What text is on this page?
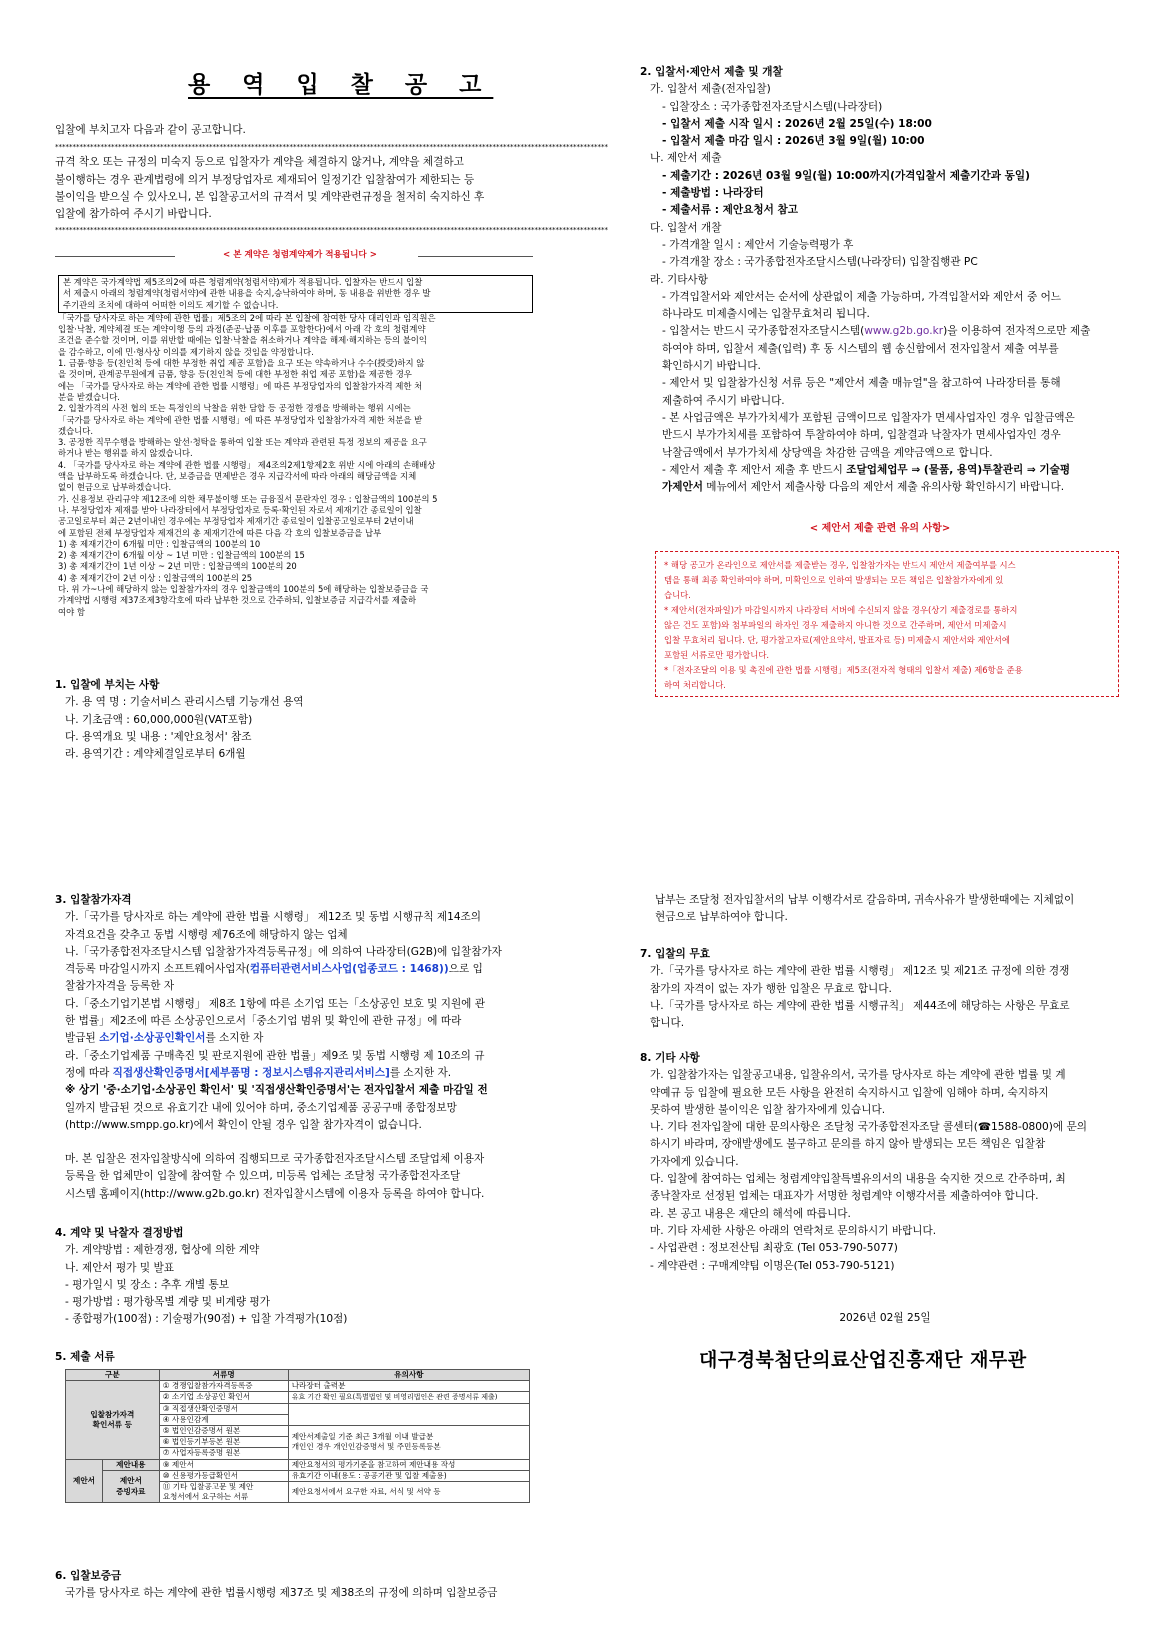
용 역 입 찰 공 고
입찰에 부치고자 다음과 같이 공고합니다.
**************************************************************************************************************************************************************
규격 착오 또는 규정의 미숙지 등으로 입찰자가 계약을 체결하지 않거나, 계약을 체결하고
불이행하는 경우 관계법령에 의거 부정당업자로 제재되어 일정기간 입찰참여가 제한되는 등
불이익을 받으실 수 있사오니, 본 입찰공고서의 규격서 및 계약관련규정을 철저히 숙지하신 후
입찰에 참가하여 주시기 바랍니다.
**************************************************************************************************************************************************************
< 본 계약은 청렴계약제가 적용됩니다 >
본 계약은 국가계약법 제5조의2에 따른 청렴계약(청렴서약)제가 적용됩니다. 입찰자는 반드시 입찰
서 제출시 아래의 청렴계약(청렴서약)에 관한 내용을 숙지,승낙하여야 하며, 동 내용을 위반한 경우 발
주기관의 조치에 대하여 어떠한 이의도 제기할 수 없습니다.
「국가를 당사자로 하는 계약에 관한 법률」제5조의 2에 따라 본 입찰에 참여한 당사 대리인과 임직원은
입찰·낙찰, 계약체결 또는 계약이행 등의 과정(준공·납품 이후를 포함한다)에서 아래 각 호의 청렴계약
조건을 준수할 것이며, 이를 위반할 때에는 입찰·낙찰을 취소하거나 계약을 해제·해지하는 등의 불이익
을 감수하고, 이에 민·형사상 이의를 제기하지 않을 것임을 약정합니다.
1. 금품·향응 등(친인척 등에 대한 부정한 취업 제공 포함)을 요구 또는 약속하거나 수수(授受)하지 않
을 것이며, 관계공무원에게 금품, 향응 등(친인척 등에 대한 부정한 취업 제공 포함)을 제공한 경우
에는 「국가를 당사자로 하는 계약에 관한 법률 시행령」에 따른 부정당업자의 입찰참가자격 제한 처
분을 받겠습니다.
2. 입찰가격의 사전 협의 또는 특정인의 낙찰을 위한 담합 등 공정한 경쟁을 방해하는 행위 시에는
「국가를 당사자로 하는 계약에 관한 법률 시행령」에 따른 부정당업자 입찰참가자격 제한 처분을 받
겠습니다.
3. 공정한 직무수행을 방해하는 알선·청탁을 통하여 입찰 또는 계약과 관련된 특정 정보의 제공을 요구
하거나 받는 행위를 하지 않겠습니다.
4. 「국가를 당사자로 하는 계약에 관한 법률 시행령」 제4조의2제1항제2호 위반 시에 아래의 손해배상
액을 납부하도록 하겠습니다. 단, 보증금을 면제받은 경우 지급각서에 따라 아래의 해당금액을 지체
없이 현금으로 납부하겠습니다.
가. 신용정보 관리규약 제12조에 의한 채무불이행 또는 금융질서 문란자인 경우 : 입찰금액의 100분의 5
나. 부정당업자 제재를 받아 나라장터에서 부정당업자로 등록·확인된 자로서 제재기간 종료일이 입찰
공고일로부터 최근 2년이내인 경우에는 부정당업자 제재기간 종료일이 입찰공고일로부터 2년이내
에 포함된 전체 부정당업자 제재건의 총 제재기간에 따른 다음 각 호의 입찰보증금을 납부
1) 총 제재기간이 6개월 미만 : 입찰금액의 100분의 10
2) 총 제재기간이 6개월 이상 ~ 1년 미만 : 입찰금액의 100분의 15
3) 총 제재기간이 1년 이상 ~ 2년 미만 : 입찰금액의 100분의 20
4) 총 제재기간이 2년 이상 : 입찰금액의 100분의 25
다. 위 가~나에 해당하지 않는 입찰참가자의 경우 입찰금액의 100분의 5에 해당하는 입찰보증금을 국
가계약법 시행령 제37조제3항각호에 따라 납부한 것으로 간주하되, 입찰보증금 지급각서를 제출하
여야 함
1. 입찰에 부치는 사항
가. 용 역 명 : 기술서비스 관리시스템 기능개선 용역
나. 기초금액 : 60,000,000원(VAT포함)
다. 용역개요 및 내용 : '제안요청서' 참조
라. 용역기간 : 계약체결일로부터 6개월
2. 입찰서·제안서 제출 및 개찰
가. 입찰서 제출(전자입찰)
- 입찰장소 : 국가종합전자조달시스템(나라장터)
- 입찰서 제출 시작 일시 : 2026년 2월 25일(수) 18:00
- 입찰서 제출 마감 일시 : 2026년 3월 9일(월) 10:00
나. 제안서 제출
- 제출기간 : 2026년 03월 9일(월) 10:00까지(가격입찰서 제출기간과 동일)
- 제출방법 : 나라장터
- 제출서류 : 제안요청서 참고
다. 입찰서 개찰
- 가격개찰 일시 : 제안서 기술능력평가 후
- 가격개찰 장소 : 국가종합전자조달시스템(나라장터) 입찰집행관 PC
라. 기타사항
- 가격입찰서와 제안서는 순서에 상관없이 제출 가능하며, 가격입찰서와 제안서 중 어느
하나라도 미제출시에는 입찰무효처리 됩니다.
- 입찰서는 반드시 국가종합전자조달시스템(www.g2b.go.kr)을 이용하여 전자적으로만 제출
하여야 하며, 입찰서 제출(입력) 후 동 시스템의 웹 송신함에서 전자입찰서 제출 여부를
확인하시기 바랍니다.
- 제안서 및 입찰참가신청 서류 등은 "제안서 제출 매뉴얼"을 참고하여 나라장터를 통해
제출하여 주시기 바랍니다.
- 본 사업금액은 부가가치세가 포함된 금액이므로 입찰자가 면세사업자인 경우 입찰금액은
반드시 부가가치세를 포함하여 투찰하여야 하며, 입찰결과 낙찰자가 면세사업자인 경우
낙찰금액에서 부가가치세 상당액을 차감한 금액을 계약금액으로 합니다.
- 제안서 제출 후 제안서 제출 후 반드시 조달업체업무 ⇒ (물품, 용역)투찰관리 ⇒ 기술평
가제안서 메뉴에서 제안서 제출사항 다음의 제안서 제출 유의사항 확인하시기 바랍니다.
< 제안서 제출 관련 유의 사항>
* 해당 공고가 온라인으로 제안서를 제출받는 경우, 입찰참가자는 반드시 제안서 제출여부를 시스
템을 통해 최종 확인하여야 하며, 미확인으로 인하여 발생되는 모든 책임은 입찰참가자에게 있
습니다.
* 제안서(전자파일)가 마감일시까지 나라장터 서버에 수신되지 않을 경우(상기 제출경로를 통하지
않은 건도 포함)와 첨부파일의 하자인 경우 제출하지 아니한 것으로 간주하며, 제안서 미제출시
입찰 무효처리 됩니다. 단, 평가참고자료(제안요약서, 발표자료 등) 미제출시 제안서와 제안서에
포함된 서류로만 평가합니다.
*「전자조달의 이용 및 촉진에 관한 법률 시행령」제5조(전자적 형태의 입찰서 제출) 제6항을 준용
하여 처리합니다.
3. 입찰참가자격
가.「국가를 당사자로 하는 계약에 관한 법률 시행령」 제12조 및 동법 시행규칙 제14조의
자격요건을 갖추고 동법 시행령 제76조에 해당하지 않는 업체
나.「국가종합전자조달시스템 입찰참가자격등록규정」에 의하여 나라장터(G2B)에 입찰참가자
격등록 마감일시까지 소프트웨어사업자(컴퓨터관련서비스사업(업종코드 : 1468))으로 입
찰참가자격을 등록한 자
다.「중소기업기본법 시행령」 제8조 1항에 따른 소기업 또는「소상공인 보호 및 지원에 관
한 법률」제2조에 따른 소상공인으로서「중소기업 범위 및 확인에 관한 규정」에 따라
발급된 소기업·소상공인확인서를 소지한 자
라.「중소기업제품 구매촉진 및 판로지원에 관한 법률」제9조 및 동법 시행령 제 10조의 규
정에 따라 직접생산확인증명서[세부품명 : 정보시스템유지관리서비스]를 소지한 자.
※ 상기 '중·소기업·소상공인 확인서' 및 '직접생산확인증명서'는 전자입찰서 제출 마감일 전
일까지 발급된 것으로 유효기간 내에 있어야 하며, 중소기업제품 공공구매 종합정보망
(http://www.smpp.go.kr)에서 확인이 안될 경우 입찰 참가자격이 없습니다.
마. 본 입찰은 전자입찰방식에 의하여 집행되므로 국가종합전자조달시스템 조달업체 이용자
등록을 한 업체만이 입찰에 참여할 수 있으며, 미등록 업체는 조달청 국가종합전자조달
시스템 홈페이지(http://www.g2b.go.kr) 전자입찰시스템에 이용자 등록을 하여야 합니다.
4. 계약 및 낙찰자 결정방법
가. 계약방법 : 제한경쟁, 협상에 의한 계약
나. 제안서 평가 및 발표
- 평가일시 및 장소 : 추후 개별 통보
- 평가방법 : 평가항목별 계량 및 비계량 평가
- 종합평가(100점) : 기술평가(90점) + 입찰 가격평가(10점)
5. 제출 서류
구분		서류명	유의사항
입찰참가자격
확인서류 등		① 경쟁입찰참가자격등록증	나라장터 출력분
		② 소기업 소상공인 확인서	유효 기간 확인 필요(특별법인 및 비영리법인은 관련 증명서류 제출)
		③ 직접생산확인증명서	
		④ 사용인감계	
		⑤ 법인인감증명서 원본	제안서제출일 기준 최근 3개월 이내 발급분
개인인 경우 개인인감증명서 및 주민등록등본

		⑥ 법인등기부등본 원본	
		⑦ 사업자등록증명 원본	
제안서	제안내용	⑨ 제안서	제안요청서의 평가기준을 참고하여 제안내용 작성
	제안서
증빙자료	⑩ 신용평가등급확인서	유효기간 이내(용도 : 공공기관 및 입찰 제출용)

		⑪ 기타 입찰공고문 및 제안
요청서에서 요구하는 서류	제안요청서에서 요구한 자료, 서식 및 서약 등
6. 입찰보증금
국가를 당사자로 하는 계약에 관한 법률시행령 제37조 및 제38조의 규정에 의하며 입찰보증금
납부는 조달청 전자입찰서의 납부 이행각서로 갈음하며, 귀속사유가 발생한때에는 지체없이
현금으로 납부하여야 합니다.
7. 입찰의 무효
가.「국가를 당사자로 하는 계약에 관한 법률 시행령」 제12조 및 제21조 규정에 의한 경쟁
참가의 자격이 없는 자가 행한 입찰은 무효로 합니다.
나.「국가를 당사자로 하는 계약에 관한 법률 시행규칙」 제44조에 해당하는 사항은 무효로
합니다.
8. 기타 사항
가. 입찰참가자는 입찰공고내용, 입찰유의서, 국가를 당사자로 하는 계약에 관한 법률 및 계
약예규 등 입찰에 필요한 모든 사항을 완전히 숙지하시고 입찰에 임해야 하며, 숙지하지
못하여 발생한 불이익은 입찰 참가자에게 있습니다.
나. 기타 전자입찰에 대한 문의사항은 조달청 국가종합전자조달 콜센터(☎1588-0800)에 문의
하시기 바라며, 장애발생에도 불구하고 문의를 하지 않아 발생되는 모든 책임은 입찰참
가자에게 있습니다.
다. 입찰에 참여하는 업체는 청렴계약입찰특별유의서의 내용을 숙지한 것으로 간주하며, 최
종낙찰자로 선정된 업체는 대표자가 서명한 청렴계약 이행각서를 제출하여야 합니다.
라. 본 공고 내용은 재단의 해석에 따릅니다.
마. 기타 자세한 사항은 아래의 연락처로 문의하시기 바랍니다.
- 사업관련 : 정보전산팀 최광호 (Tel 053-790-5077)
- 계약관련 : 구매계약팀 이명은(Tel 053-790-5121)
2026년 02월 25일
대구경북첨단의료산업진흥재단 재무관
